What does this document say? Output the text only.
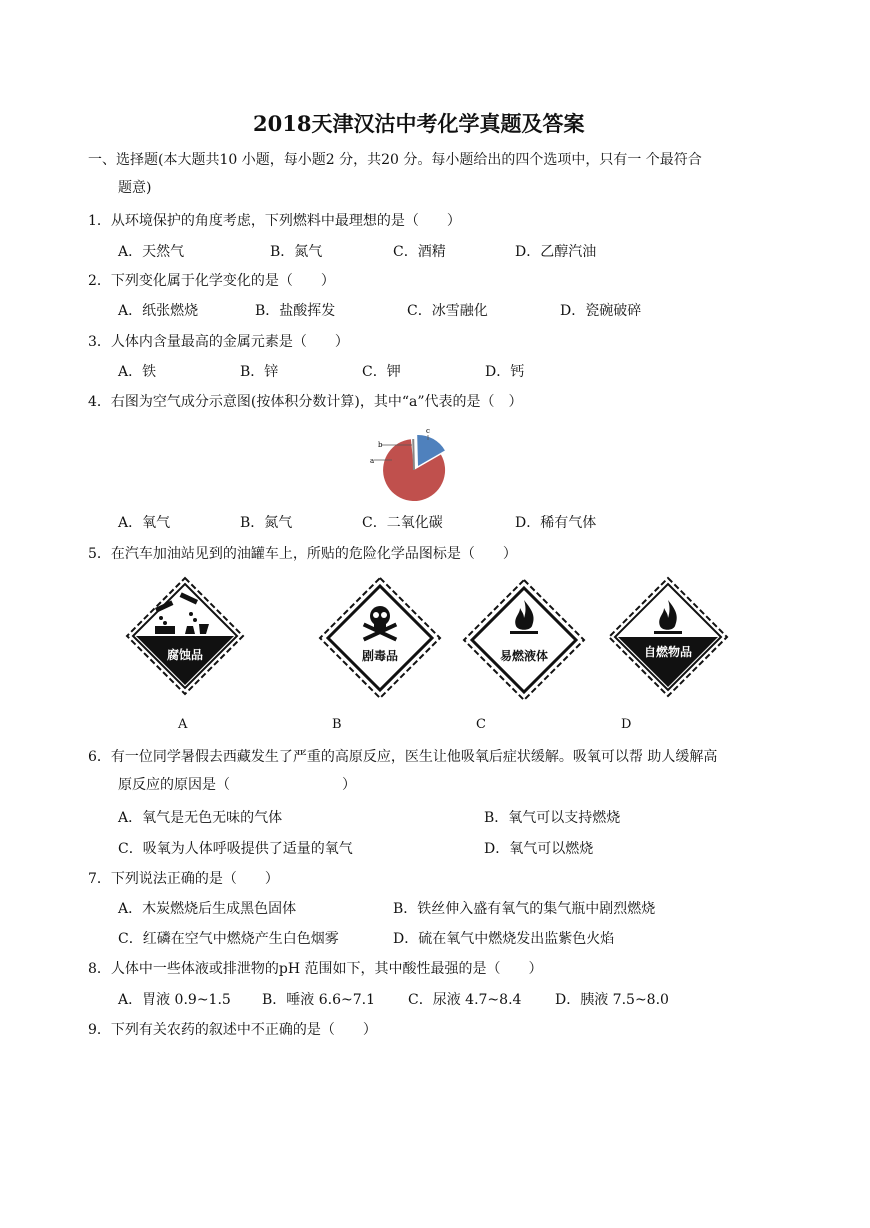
2018天津汉沽中考化学真题及答案
一、选择题(本大题共10 小题，每小题2 分，共20 分。每小题给出的四个选项中，只有一 个最符合
题意)
1．从环境保护的角度考虑，下列燃料中最理想的是（　　）
A．天然气	B．氮气	C．酒精	D．乙醇汽油
2．下列变化属于化学变化的是（　　）
A．纸张燃烧	B．盐酸挥发	C．冰雪融化	D．瓷碗破碎
3．人体内含量最高的金属元素是（　　）
A．铁	B．锌	C．钾	D．钙
4．右图为空气成分示意图(按体积分数计算)，其中“a”代表的是（　）
a
b
c
A．氧气	B．氮气	C．二氧化碳	D．稀有气体
5．在汽车加油站见到的油罐车上，所贴的危险化学品图标是（　　）
腐蚀品	剧毒品	易燃液体	自燃物品
A	B	C	D
6．有一位同学暑假去西藏发生了严重的高原反应，医生让他吸氧后症状缓解。吸氧可以帮 助人缓解高
原反应的原因是（　　　　　　　　）
A．氧气是无色无味的气体	B．氧气可以支持燃烧
C．吸氧为人体呼吸提供了适量的氧气	D．氧气可以燃烧
7．下列说法正确的是（　　）
A．木炭燃烧后生成黑色固体	B．铁丝伸入盛有氧气的集气瓶中剧烈燃烧
C．红磷在空气中燃烧产生白色烟雾	D．硫在氧气中燃烧发出监紫色火焰
8．人体中一些体液或排泄物的pH 范围如下，其中酸性最强的是（　　）
A．胃液 0.9~1.5 B．唾液 6.6~7.1 C．尿液 4.7~8.4 D．胰液 7.5~8.0
9．下列有关农药的叙述中不正确的是（　　）
